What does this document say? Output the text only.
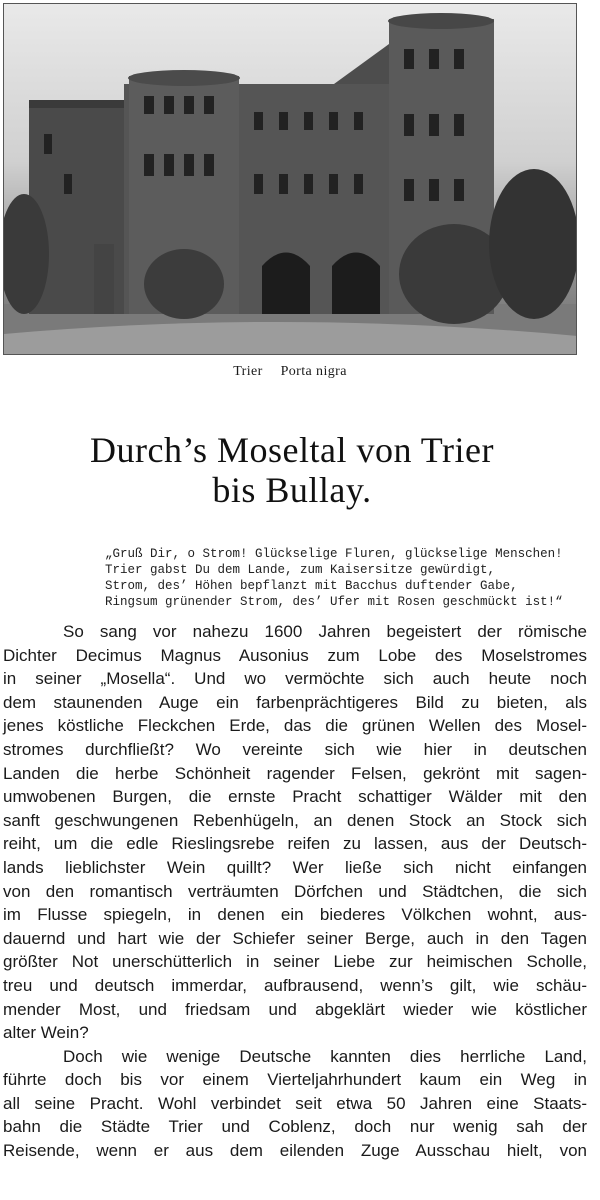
Trier Porta nigra
Durch’s Moseltal von Trier
bis Bullay.
„Gruß Dir, o Strom! Glückselige Fluren, glückselige Menschen!
Trier gabst Du dem Lande, zum Kaisersitze gewürdigt,
Strom, des’ Höhen bepflanzt mit Bacchus duftender Gabe,
Ringsum grünender Strom, des’ Ufer mit Rosen geschmückt ist!“
So sang vor nahezu 1600 Jahren begeistert der römische
Dichter Decimus Magnus Ausonius zum Lobe des Moselstromes
in seiner „Mosella“. Und wo vermöchte sich auch heute noch
dem staunenden Auge ein farbenprächtigeres Bild zu bieten, als
jenes köstliche Fleckchen Erde, das die grünen Wellen des Mosel-
stromes durchfließt? Wo vereinte sich wie hier in deutschen
Landen die herbe Schönheit ragender Felsen, gekrönt mit sagen-
umwobenen Burgen, die ernste Pracht schattiger Wälder mit den
sanft geschwungenen Rebenhügeln, an denen Stock an Stock sich
reiht, um die edle Rieslingsrebe reifen zu lassen, aus der Deutsch-
lands lieblichster Wein quillt? Wer ließe sich nicht einfangen
von den romantisch verträumten Dörfchen und Städtchen, die sich
im Flusse spiegeln, in denen ein biederes Völkchen wohnt, aus-
dauernd und hart wie der Schiefer seiner Berge, auch in den Tagen
größter Not unerschütterlich in seiner Liebe zur heimischen Scholle,
treu und deutsch immerdar, aufbrausend, wenn’s gilt, wie schäu-
mender Most, und friedsam und abgeklärt wieder wie köstlicher
alter Wein?
Doch wie wenige Deutsche kannten dies herrliche Land,
führte doch bis vor einem Vierteljahrhundert kaum ein Weg in
all seine Pracht. Wohl verbindet seit etwa 50 Jahren eine Staats-
bahn die Städte Trier und Coblenz, doch nur wenig sah der
Reisende, wenn er aus dem eilenden Zuge Ausschau hielt, von
